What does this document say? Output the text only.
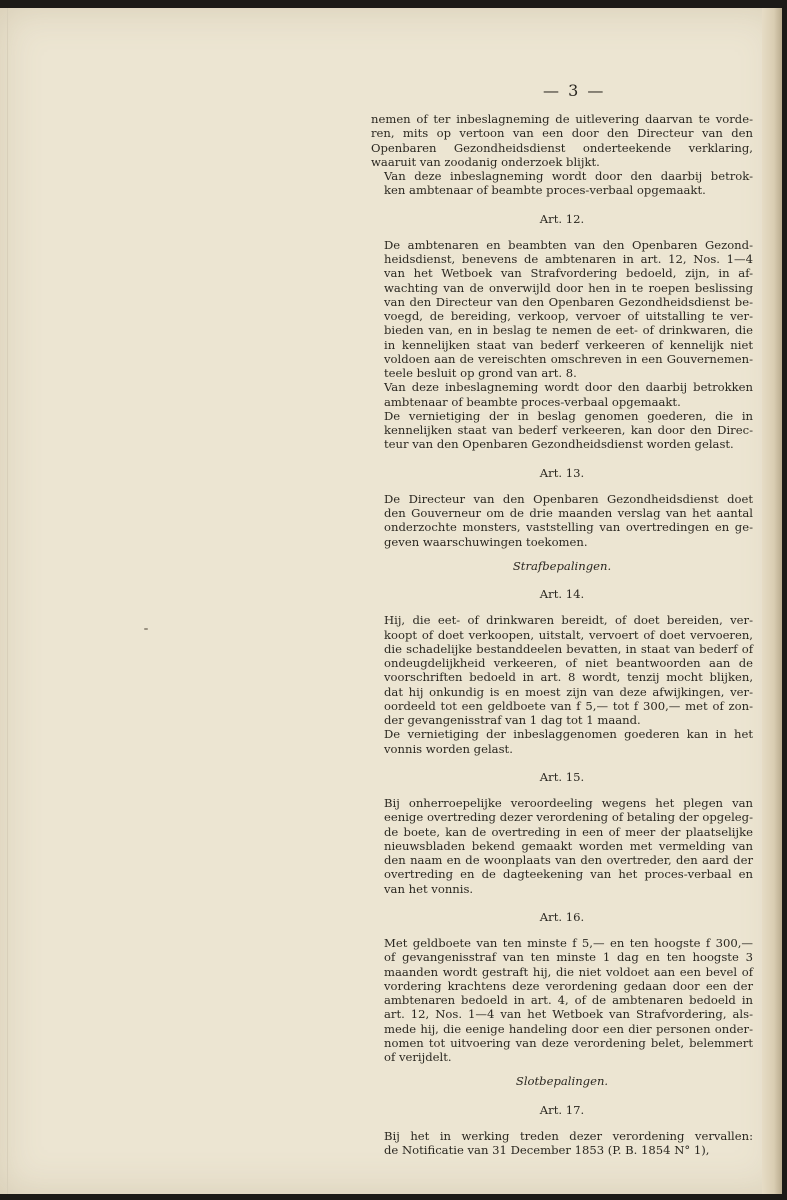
— 3 —
nemen of ter inbeslagneming de uitlevering daarvan te vorde-
ren, mits op vertoon van een door den Directeur van den
Openbaren Gezondheidsdienst onderteekende verklaring,
waaruit van zoodanig onderzoek blijkt.
Van deze inbeslagneming wordt door den daarbij betrok-
ken ambtenaar of beambte proces-verbaal opgemaakt.
Art. 12.
De ambtenaren en beambten van den Openbaren Gezond-
heidsdienst, benevens de ambtenaren in art. 12, Nos. 1—4
van het Wetboek van Strafvordering bedoeld, zijn, in af-
wachting van de onverwijld door hen in te roepen beslissing
van den Directeur van den Openbaren Gezondheidsdienst be-
voegd, de bereiding, verkoop, vervoer of uitstalling te ver-
bieden van, en in beslag te nemen de eet- of drinkwaren, die
in kennelijken staat van bederf verkeeren of kennelijk niet
voldoen aan de vereischten omschreven in een Gouvernemen-
teele besluit op grond van art. 8.
Van deze inbeslagneming wordt door den daarbij betrokken
ambtenaar of beambte proces-verbaal opgemaakt.
De vernietiging der in beslag genomen goederen, die in
kennelijken staat van bederf verkeeren, kan door den Direc-
teur van den Openbaren Gezondheidsdienst worden gelast.
Art. 13.
De Directeur van den Openbaren Gezondheidsdienst doet
den Gouverneur om de drie maanden verslag van het aantal
onderzochte monsters, vaststelling van overtredingen en ge-
geven waarschuwingen toekomen.
Strafbepalingen.
Art. 14.
Hij, die eet- of drinkwaren bereidt, of doet bereiden, ver-
koopt of doet verkoopen, uitstalt, vervoert of doet vervoeren,
die schadelijke bestanddeelen bevatten, in staat van bederf of
ondeugdelijkheid verkeeren, of niet beantwoorden aan de
voorschriften bedoeld in art. 8 wordt, tenzij mocht blijken,
dat hij onkundig is en moest zijn van deze afwijkingen, ver-
oordeeld tot een geldboete van f 5,— tot f 300,— met of zon-
der gevangenisstraf van 1 dag tot 1 maand.
De vernietiging der inbeslaggenomen goederen kan in het
vonnis worden gelast.
Art. 15.
Bij onherroepelijke veroordeeling wegens het plegen van
eenige overtreding dezer verordening of betaling der opgeleg-
de boete, kan de overtreding in een of meer der plaatselijke
nieuwsbladen bekend gemaakt worden met vermelding van
den naam en de woonplaats van den overtreder, den aard der
overtreding en de dagteekening van het proces-verbaal en
van het vonnis.
Art. 16.
Met geldboete van ten minste f 5,— en ten hoogste f 300,—
of gevangenisstraf van ten minste 1 dag en ten hoogste 3
maanden wordt gestraft hij, die niet voldoet aan een bevel of
vordering krachtens deze verordening gedaan door een der
ambtenaren bedoeld in art. 4, of de ambtenaren bedoeld in
art. 12, Nos. 1—4 van het Wetboek van Strafvordering, als-
mede hij, die eenige handeling door een dier personen onder-
nomen tot uitvoering van deze verordening belet, belemmert
of verijdelt.
Slotbepalingen.
Art. 17.
Bij het in werking treden dezer verordening vervallen:
de Notificatie van 31 December 1853 (P. B. 1854 N° 1),
